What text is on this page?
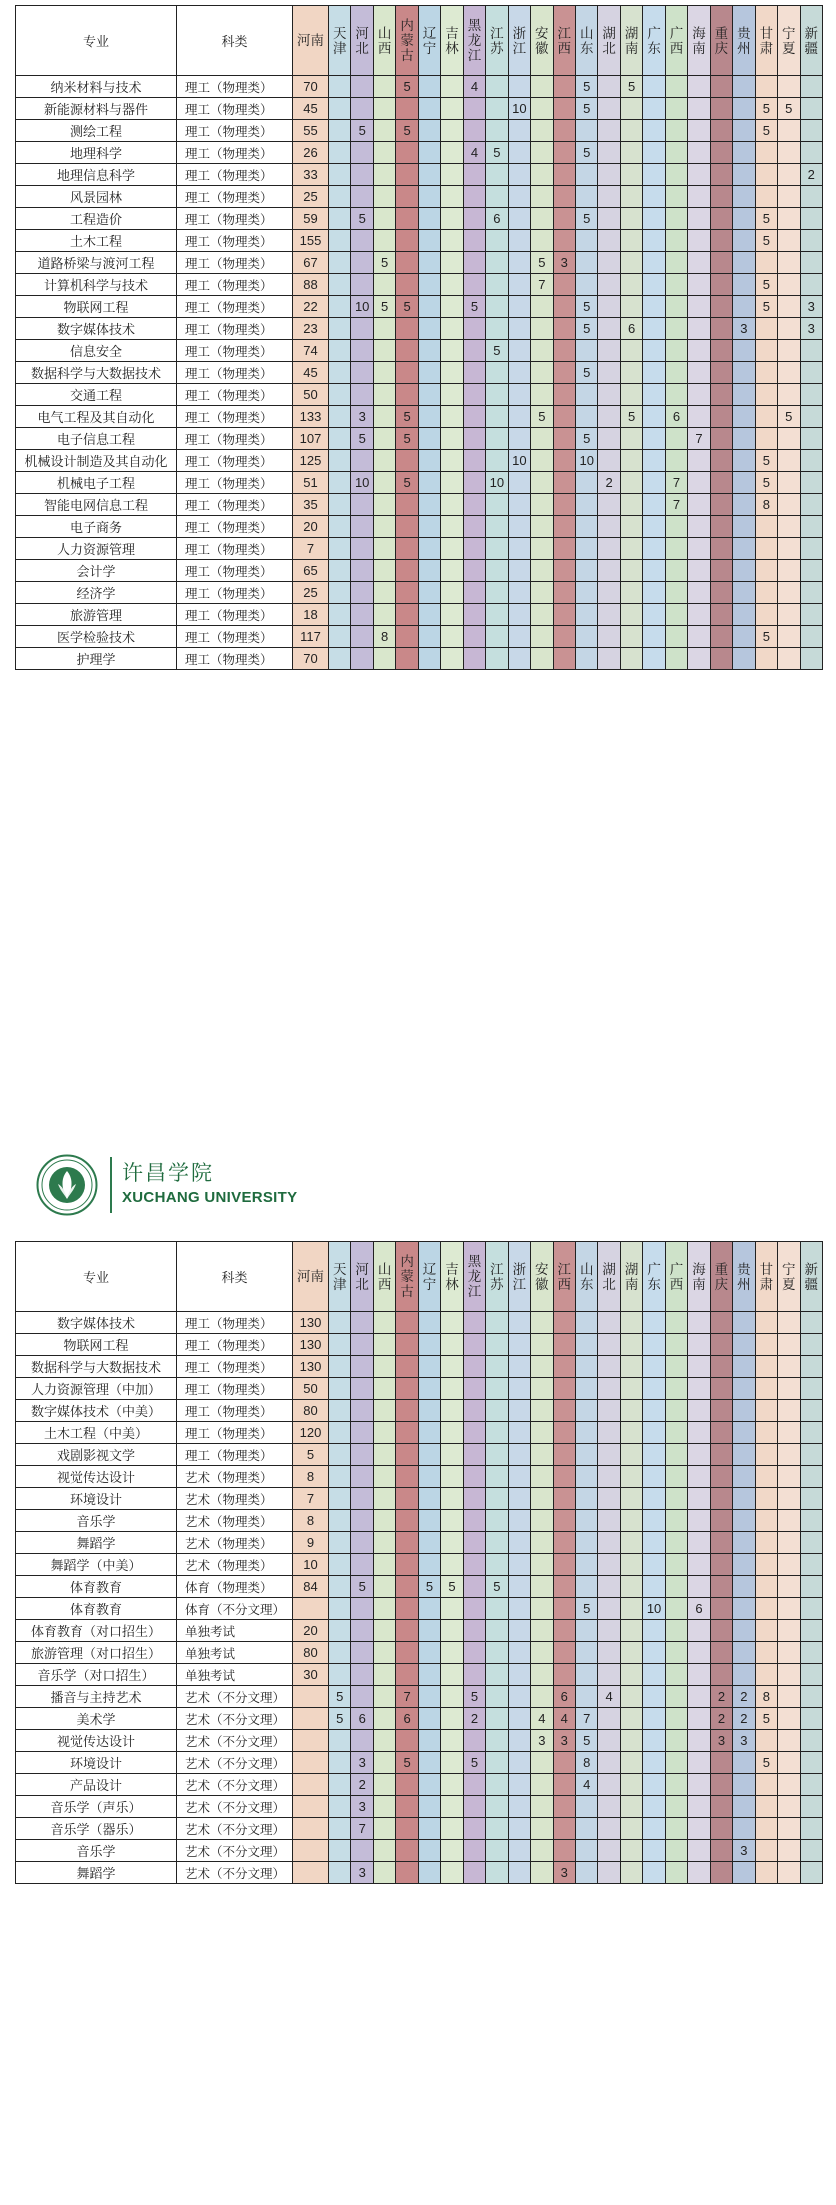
专业	科类	河南	天津	河北	山西	内蒙古	辽宁	吉林	黑龙江	江苏	浙江	安徽	江西	山东	湖北	湖南	广东	广西	海南	重庆	贵州	甘肃	宁夏	新疆
纳米材料与技术	理工（物理类）	70				5			4					5		5								
新能源材料与器件	理工（物理类）	45									10			5								5	5	
测绘工程	理工（物理类）	55		5		5																5		
地理科学	理工（物理类）	26							4	5				5										
地理信息科学	理工（物理类）	33																						2
风景园林	理工（物理类）	25																						
工程造价	理工（物理类）	59		5						6				5								5		
土木工程	理工（物理类）	155																				5		
道路桥梁与渡河工程	理工（物理类）	67			5							5	3											
计算机科学与技术	理工（物理类）	88										7										5		
物联网工程	理工（物理类）	22		10	5	5			5					5								5		3
数字媒体技术	理工（物理类）	23												5		6					3			3
信息安全	理工（物理类）	74								5														
数据科学与大数据技术	理工（物理类）	45												5										
交通工程	理工（物理类）	50																						
电气工程及其自动化	理工（物理类）	133		3		5						5				5		6					5	
电子信息工程	理工（物理类）	107		5		5								5					7					
机械设计制造及其自动化	理工（物理类）	125									10			10								5		
机械电子工程	理工（物理类）	51		10		5				10					2			7				5		
智能电网信息工程	理工（物理类）	35																7				8		
电子商务	理工（物理类）	20																						
人力资源管理	理工（物理类）	7																						
会计学	理工（物理类）	65																						
经济学	理工（物理类）	25																						
旅游管理	理工（物理类）	18																						
医学检验技术	理工（物理类）	117			8																	5		
护理学	理工（物理类）	70																						
许昌学院
XUCHANG UNIVERSITY
专业	科类	河南	天津	河北	山西	内蒙古	辽宁	吉林	黑龙江	江苏	浙江	安徽	江西	山东	湖北	湖南	广东	广西	海南	重庆	贵州	甘肃	宁夏	新疆
数字媒体技术	理工（物理类）	130																						
物联网工程	理工（物理类）	130																						
数据科学与大数据技术	理工（物理类）	130																						
人力资源管理（中加）	理工（物理类）	50																						
数字媒体技术（中美）	理工（物理类）	80																						
土木工程（中美）	理工（物理类）	120																						
戏剧影视文学	理工（物理类）	5																						
视觉传达设计	艺术（物理类）	8																						
环境设计	艺术（物理类）	7																						
音乐学	艺术（物理类）	8																						
舞蹈学	艺术（物理类）	9																						
舞蹈学（中美）	艺术（物理类）	10																						
体育教育	体育（物理类）	84		5			5	5		5														
体育教育	体育（不分文理）													5			10		6					
体育教育（对口招生）	单独考试	20																						
旅游管理（对口招生）	单独考试	80																						
音乐学（对口招生）	单独考试	30																						
播音与主持艺术	艺术（不分文理）		5			7			5				6		4					2	2	8		
美术学	艺术（不分文理）		5	6		6			2			4	4	7						2	2	5		
视觉传达设计	艺术（不分文理）											3	3	5						3	3			
环境设计	艺术（不分文理）			3		5			5					8								5		
产品设计	艺术（不分文理）			2										4										
音乐学（声乐）	艺术（不分文理）			3																				
音乐学（器乐）	艺术（不分文理）			7																				
音乐学	艺术（不分文理）																				3			
舞蹈学	艺术（不分文理）			3									3											
